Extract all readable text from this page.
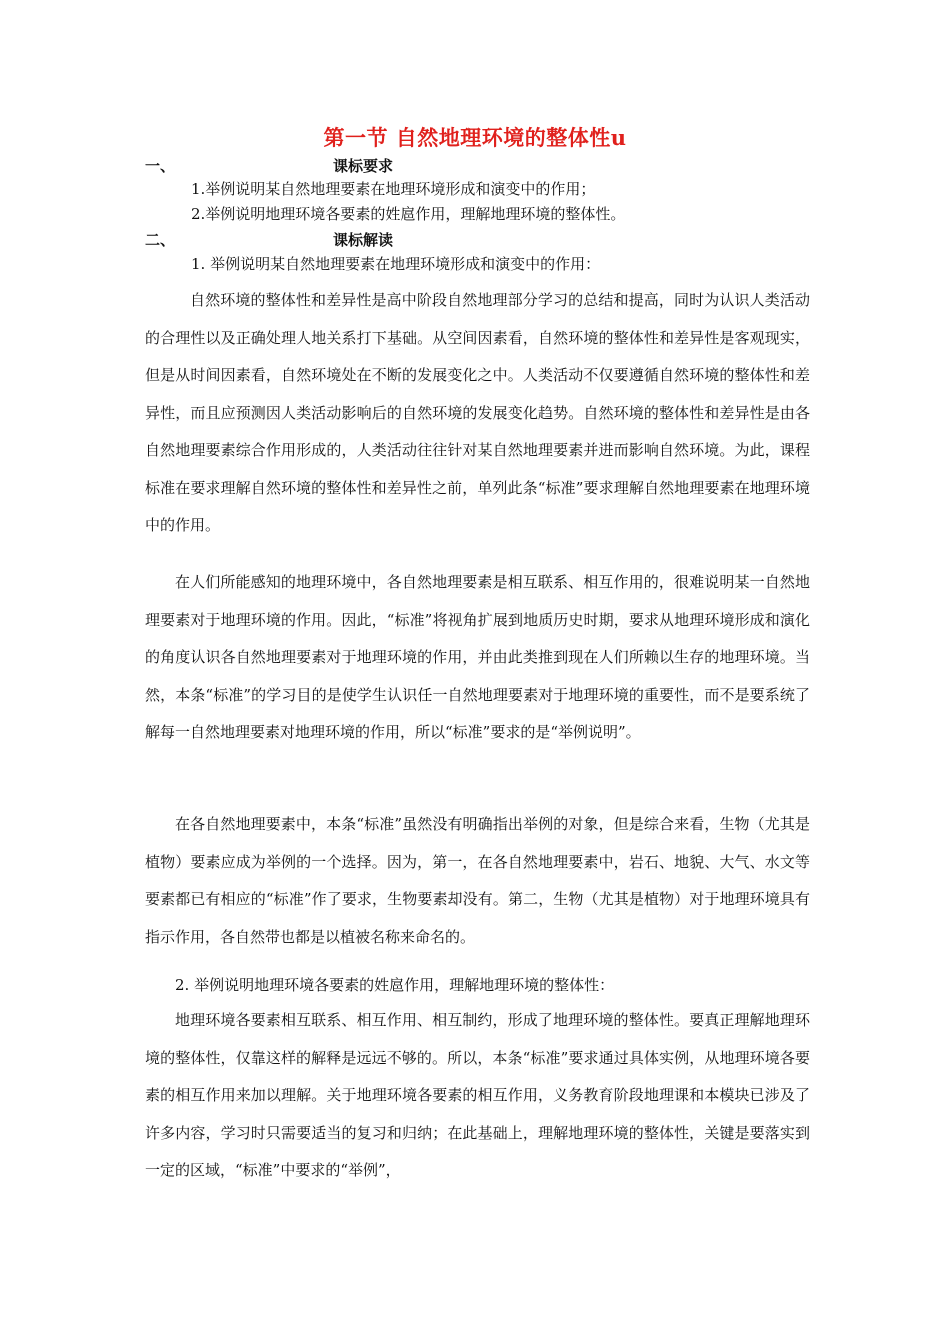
第一节 自然地理环境的整体性u
一、	课标要求
1.举例说明某自然地理要素在地理环境形成和演变中的作用；
2.举例说明地理环境各要素的姓扈作用，理解地理环境的整体性。
二、	课标解读
1. 举例说明某自然地理要素在地理环境形成和演变中的作用：
自然环境的整体性和差异性是高中阶段自然地理部分学习的总结和提高，同时为认识人类活动的合理性以及正确处理人地关系打下基础。从空间因素看，自然环境的整体性和差异性是客观现实，但是从时间因素看，自然环境处在不断的发展变化之中。人类活动不仅要遵循自然环境的整体性和差异性，而且应预测因人类活动影响后的自然环境的发展变化趋势。自然环境的整体性和差异性是由各自然地理要素综合作用形成的，人类活动往往针对某自然地理要素并进而影响自然环境。为此，课程标准在要求理解自然环境的整体性和差异性之前，单列此条“标准”要求理解自然地理要素在地理环境中的作用。
在人们所能感知的地理环境中，各自然地理要素是相互联系、相互作用的，很难说明某一自然地理要素对于地理环境的作用。因此，“标准”将视角扩展到地质历史时期，要求从地理环境形成和演化的角度认识各自然地理要素对于地理环境的作用，并由此类推到现在人们所赖以生存的地理环境。当然，本条“标准”的学习目的是使学生认识任一自然地理要素对于地理环境的重要性，而不是要系统了解每一自然地理要素对地理环境的作用，所以“标准”要求的是“举例说明”。
在各自然地理要素中，本条“标准”虽然没有明确指出举例的对象，但是综合来看，生物（尤其是植物）要素应成为举例的一个选择。因为，第一，在各自然地理要素中，岩石、地貌、大气、水文等要素都已有相应的“标准”作了要求，生物要素却没有。第二，生物（尤其是植物）对于地理环境具有指示作用，各自然带也都是以植被名称来命名的。
2. 举例说明地理环境各要素的姓扈作用，理解地理环境的整体性：
地理环境各要素相互联系、相互作用、相互制约，形成了地理环境的整体性。要真正理解地理环境的整体性，仅靠这样的解释是远远不够的。所以，本条“标准”要求通过具体实例，从地理环境各要素的相互作用来加以理解。关于地理环境各要素的相互作用，义务教育阶段地理课和本模块已涉及了许多内容，学习时只需要适当的复习和归纳；在此基础上，理解地理环境的整体性，关键是要落实到一定的区域，“标准”中要求的“举例”，
